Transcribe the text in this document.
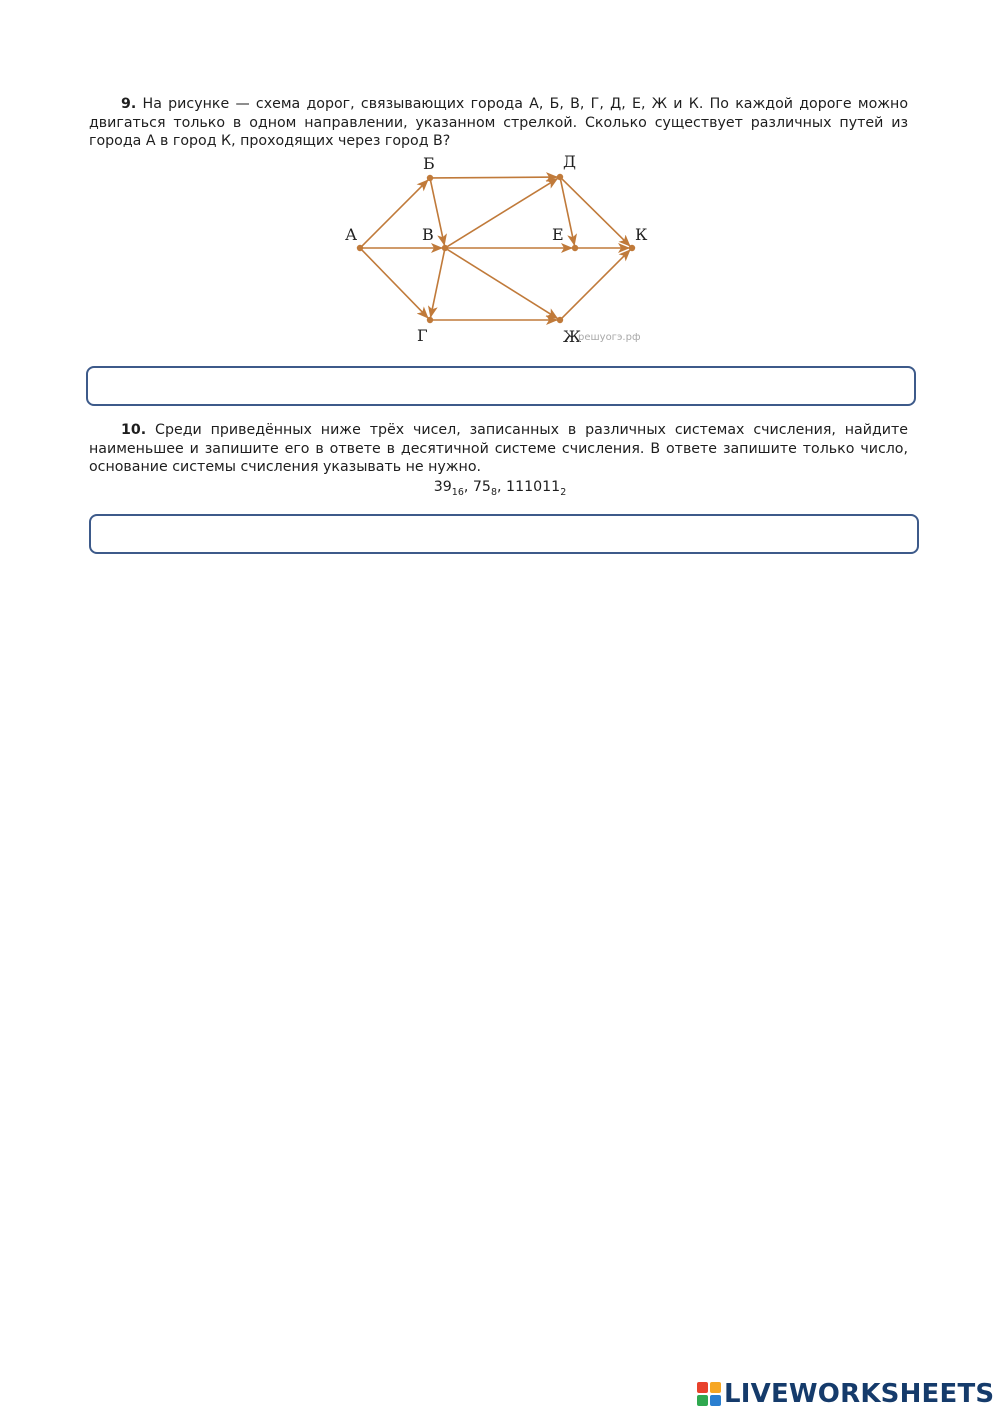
9. На рисунке — схема дорог, связывающих города А, Б, В, Г, Д, Е, Ж и К. По каждой дороге можно двигаться только в одном направлении, указанном стрелкой. Сколько существует различных путей из города А в город К, проходящих через город В?
А
Б
В
Г
Д
Е
Ж
К
решуогэ.рф
10. Среди приведённых ниже трёх чисел, записанных в различных системах счисления, найдите наименьшее и запишите его в ответе в десятичной системе счисления. В ответе запишите только число, основание системы счисления указывать не нужно.
$39_{16}$, $75_8$, $111011_2$
LIVEWORKSHEETS
